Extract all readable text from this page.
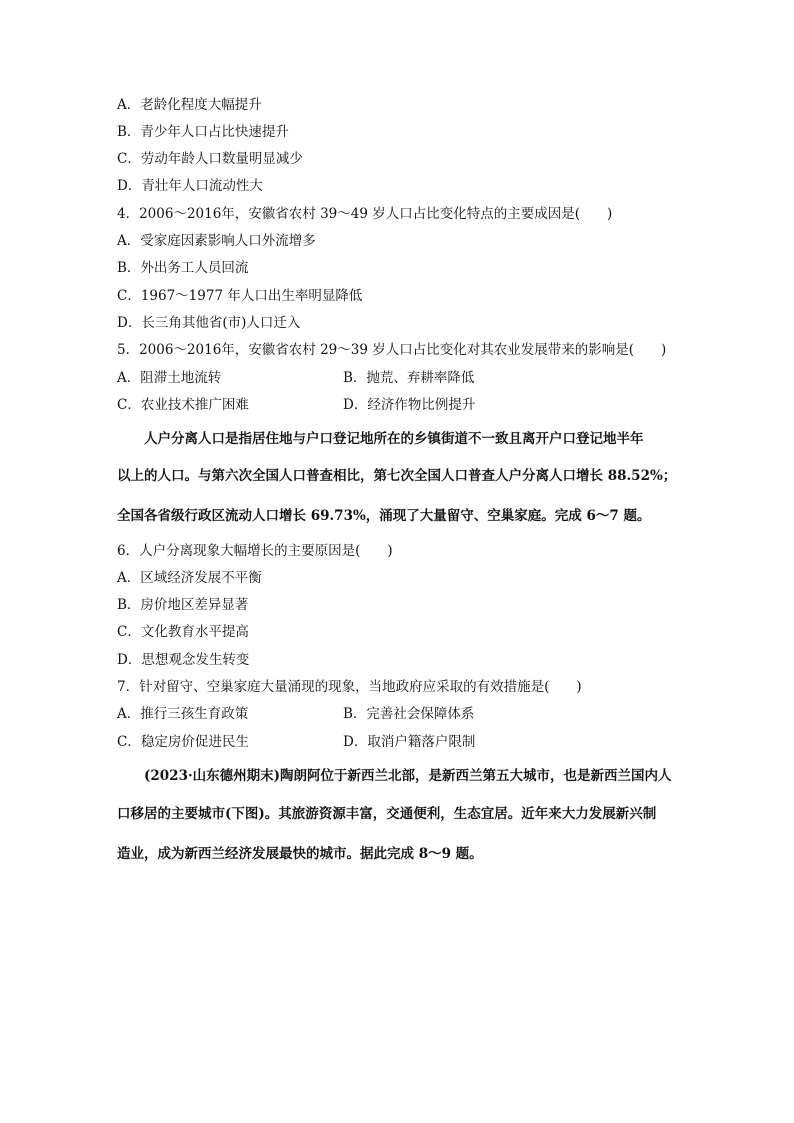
A．老龄化程度大幅提升
B．青少年人口占比快速提升
C．劳动年龄人口数量明显减少
D．青壮年人口流动性大
4．2006～2016年，安徽省农村 39～49 岁人口占比变化特点的主要成因是(　　)
A．受家庭因素影响人口外流增多
B．外出务工人员回流
C．1967～1977 年人口出生率明显降低
D．长三角其他省(市)人口迁入
5．2006～2016年，安徽省农村 29～39 岁人口占比变化对其农业发展带来的影响是(　　)
A．阻滞土地流转	B．抛荒、弃耕率降低
C．农业技术推广困难	D．经济作物比例提升
人户分离人口是指居住地与户口登记地所在的乡镇街道不一致且离开户口登记地半年
以上的人口。与第六次全国人口普查相比，第七次全国人口普查人户分离人口增长 88.52%；
全国各省级行政区流动人口增长 69.73%，涌现了大量留守、空巢家庭。完成 6～7 题。
6．人户分离现象大幅增长的主要原因是(　　)
A．区域经济发展不平衡
B．房价地区差异显著
C．文化教育水平提高
D．思想观念发生转变
7．针对留守、空巢家庭大量涌现的现象，当地政府应采取的有效措施是(　　)
A．推行三孩生育政策	B．完善社会保障体系
C．稳定房价促进民生	D．取消户籍落户限制
(2023·山东德州期末)陶朗阿位于新西兰北部，是新西兰第五大城市，也是新西兰国内人
口移居的主要城市(下图)。其旅游资源丰富，交通便利，生态宜居。近年来大力发展新兴制
造业，成为新西兰经济发展最快的城市。据此完成 8～9 题。
